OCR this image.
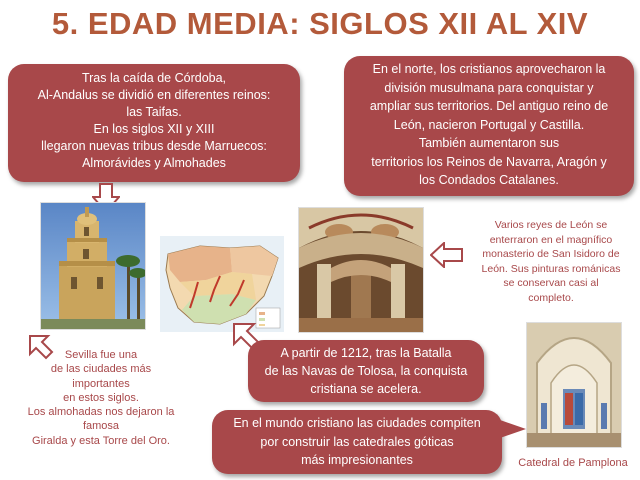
5. EDAD MEDIA: SIGLOS XII AL XIV
Tras la caída de Córdoba,
Al-Andalus se dividió en diferentes reinos:
las Taifas.
En los siglos XII y XIII
llegaron nuevas tribus desde Marruecos:
Almorávides y Almohades
En el norte, los cristianos aprovecharon la
división musulmana para conquistar y
ampliar sus territorios. Del antiguo reino de
León, nacieron Portugal y Castilla.
También aumentaron sus
territorios los Reinos de Navarra, Aragón y
los Condados Catalanes.
Sevilla fue una
de las ciudades más
importantes
en estos siglos.
Los almohadas nos dejaron la
famosa
Giralda y esta Torre del Oro.
Varios reyes de León se
enterraron en el magnífico
monasterio de San Isidoro de
León. Sus pinturas románicas
se conservan casi al
completo.
A partir de 1212, tras la Batalla
de las Navas de Tolosa, la conquista
cristiana se acelera.
En el mundo cristiano las ciudades compiten
por construir las catedrales góticas
más impresionantes	Catedral de Pamplona
